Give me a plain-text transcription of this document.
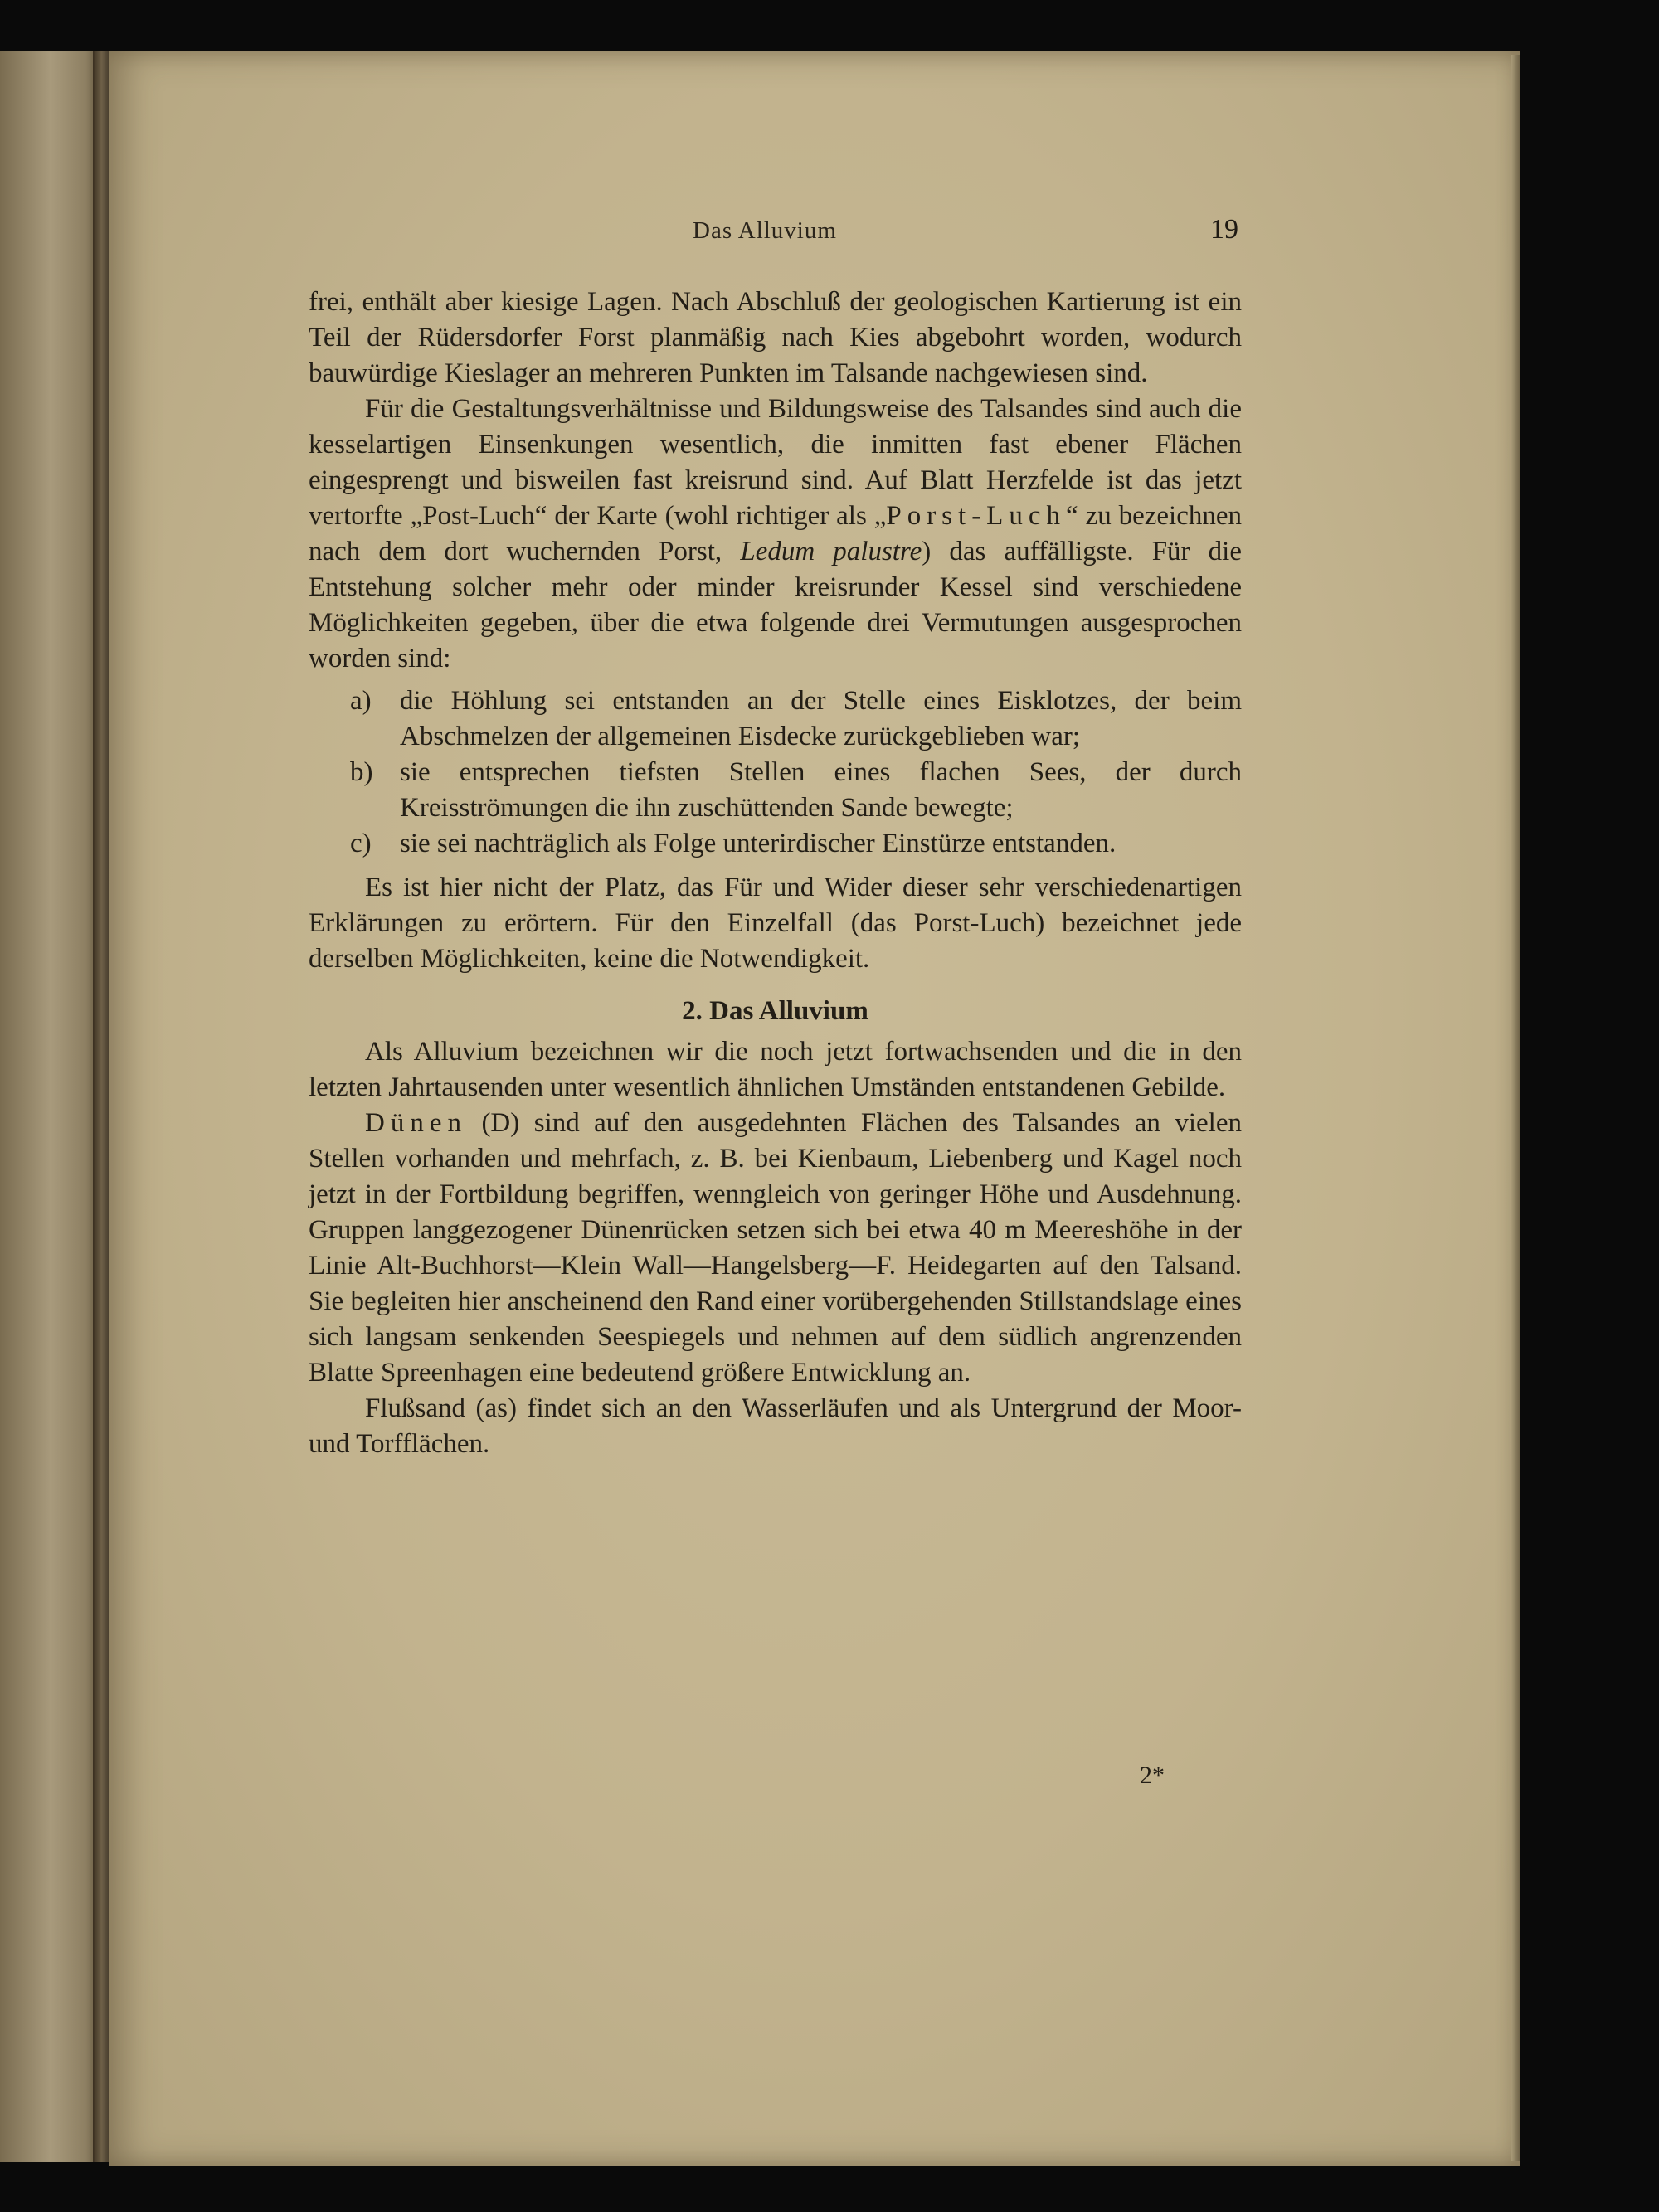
Das Alluvium	19

frei, enthält aber kiesige Lagen. Nach Abschluß der geologischen Kartierung ist ein Teil der Rüdersdorfer Forst planmäßig nach Kies abgebohrt worden, wodurch bauwürdige Kieslager an mehreren Punkten im Talsande nachgewiesen sind.

Für die Gestaltungsverhältnisse und Bildungsweise des Talsandes sind auch die kesselartigen Einsenkungen wesentlich, die inmitten fast ebener Flächen eingesprengt und bisweilen fast kreisrund sind. Auf Blatt Herzfelde ist das jetzt vertorfte „Post-Luch“ der Karte (wohl richtiger als „Porst-Luch“ zu bezeichnen nach dem dort wuchernden Porst, Ledum palustre) das auffälligste. Für die Entstehung solcher mehr oder minder kreisrunder Kessel sind verschiedene Möglichkeiten gegeben, über die etwa folgende drei Vermutungen ausgesprochen worden sind:

a)	die Höhlung sei entstanden an der Stelle eines Eisklotzes, der beim Abschmelzen der allgemeinen Eisdecke zurückgeblieben war;
b) sie entsprechen tiefsten Stellen eines flachen Sees, der durch Kreisströmungen die ihn zuschüttenden Sande bewegte;
c)	sie sei nachträglich als Folge unterirdischer Einstürze entstanden.

Es ist hier nicht der Platz, das Für und Wider dieser sehr verschiedenartigen Erklärungen zu erörtern. Für den Einzelfall (das Porst-Luch) bezeichnet jede derselben Möglichkeiten, keine die Notwendigkeit.

2. Das Alluvium

Als Alluvium bezeichnen wir die noch jetzt fortwachsenden und die in den letzten Jahrtausenden unter wesentlich ähnlichen Umständen entstandenen Gebilde.

Dünen (D) sind auf den ausgedehnten Flächen des Talsandes an vielen Stellen vorhanden und mehrfach, z. B. bei Kienbaum, Liebenberg und Kagel noch jetzt in der Fortbildung begriffen, wenngleich von geringer Höhe und Ausdehnung. Gruppen langgezogener Dünenrücken setzen sich bei etwa 40 m Meereshöhe in der Linie Alt-Buchhorst—Klein Wall—Hangelsberg—F. Heidegarten auf den Talsand. Sie begleiten hier anscheinend den Rand einer vorübergehenden Stillstandslage eines sich langsam senkenden Seespiegels und nehmen auf dem südlich angrenzenden Blatte Spreenhagen eine bedeutend größere Entwicklung an.

Flußsand (as) findet sich an den Wasserläufen und als Untergrund der Moor- und Torfflächen.

2*
